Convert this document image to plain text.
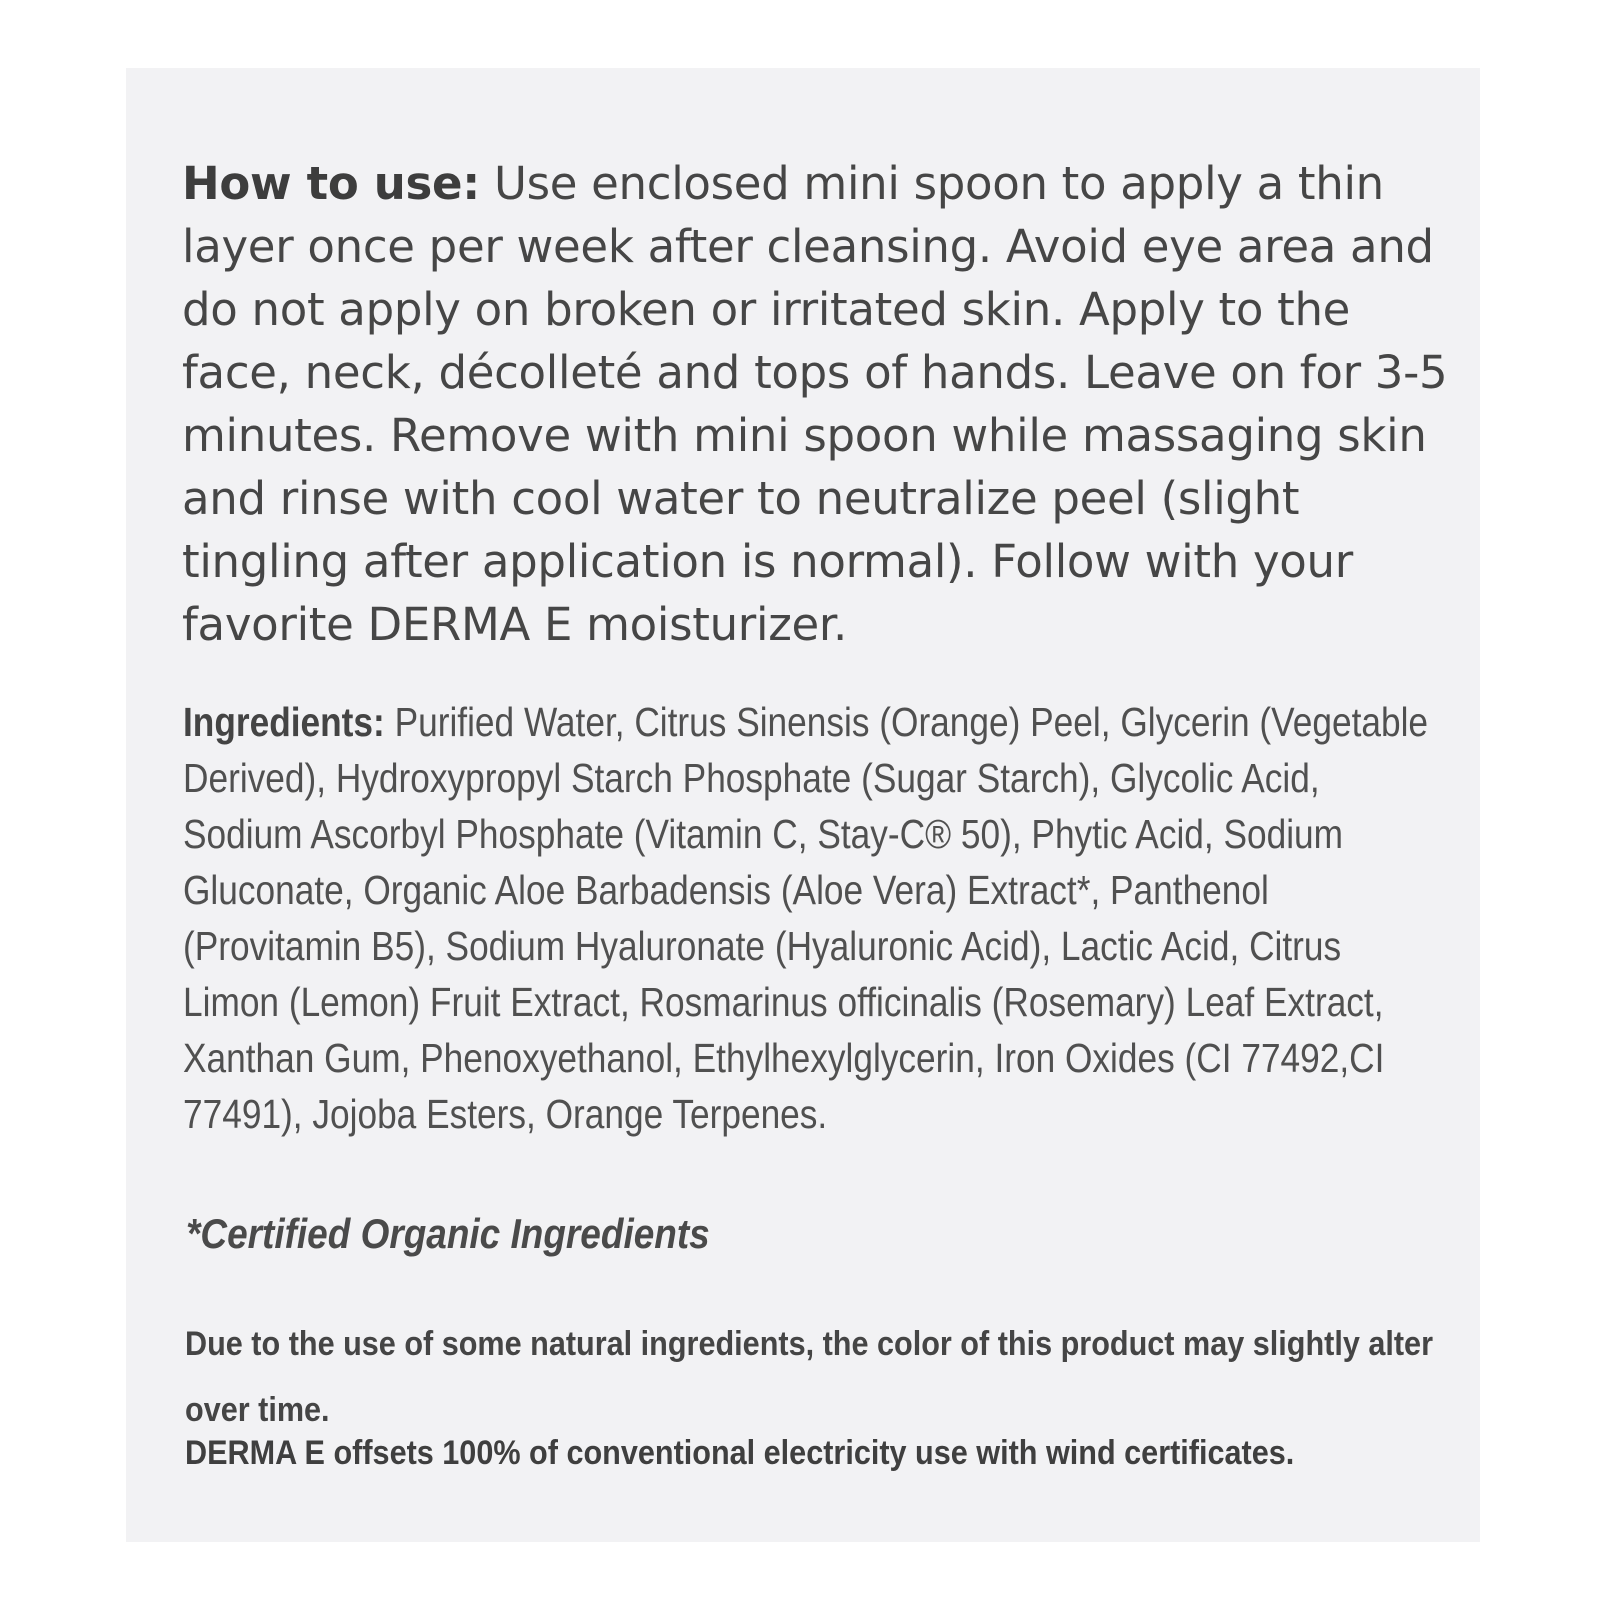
How to use: Use enclosed mini spoon to apply a thin layer once per week after cleansing. Avoid eye area and do not apply on broken or irritated skin. Apply to the face, neck, décolleté and tops of hands. Leave on for 3-5 minutes. Remove with mini spoon while massaging skin and rinse with cool water to neutralize peel (slight tingling after application is normal). Follow with your favorite DERMA E moisturizer.

Ingredients: Purified Water, Citrus Sinensis (Orange) Peel, Glycerin (Vegetable Derived), Hydroxypropyl Starch Phosphate (Sugar Starch), Glycolic Acid, Sodium Ascorbyl Phosphate (Vitamin C, Stay-C® 50), Phytic Acid, Sodium Gluconate, Organic Aloe Barbadensis (Aloe Vera) Extract*, Panthenol (Provitamin B5), Sodium Hyaluronate (Hyaluronic Acid), Lactic Acid, Citrus Limon (Lemon) Fruit Extract, Rosmarinus officinalis (Rosemary) Leaf Extract, Xanthan Gum, Phenoxyethanol, Ethylhexylglycerin, Iron Oxides (CI 77492,CI 77491), Jojoba Esters, Orange Terpenes.

*Certified Organic Ingredients

Due to the use of some natural ingredients, the color of this product may slightly alter over time.

DERMA E offsets 100% of conventional electricity use with wind certificates.
